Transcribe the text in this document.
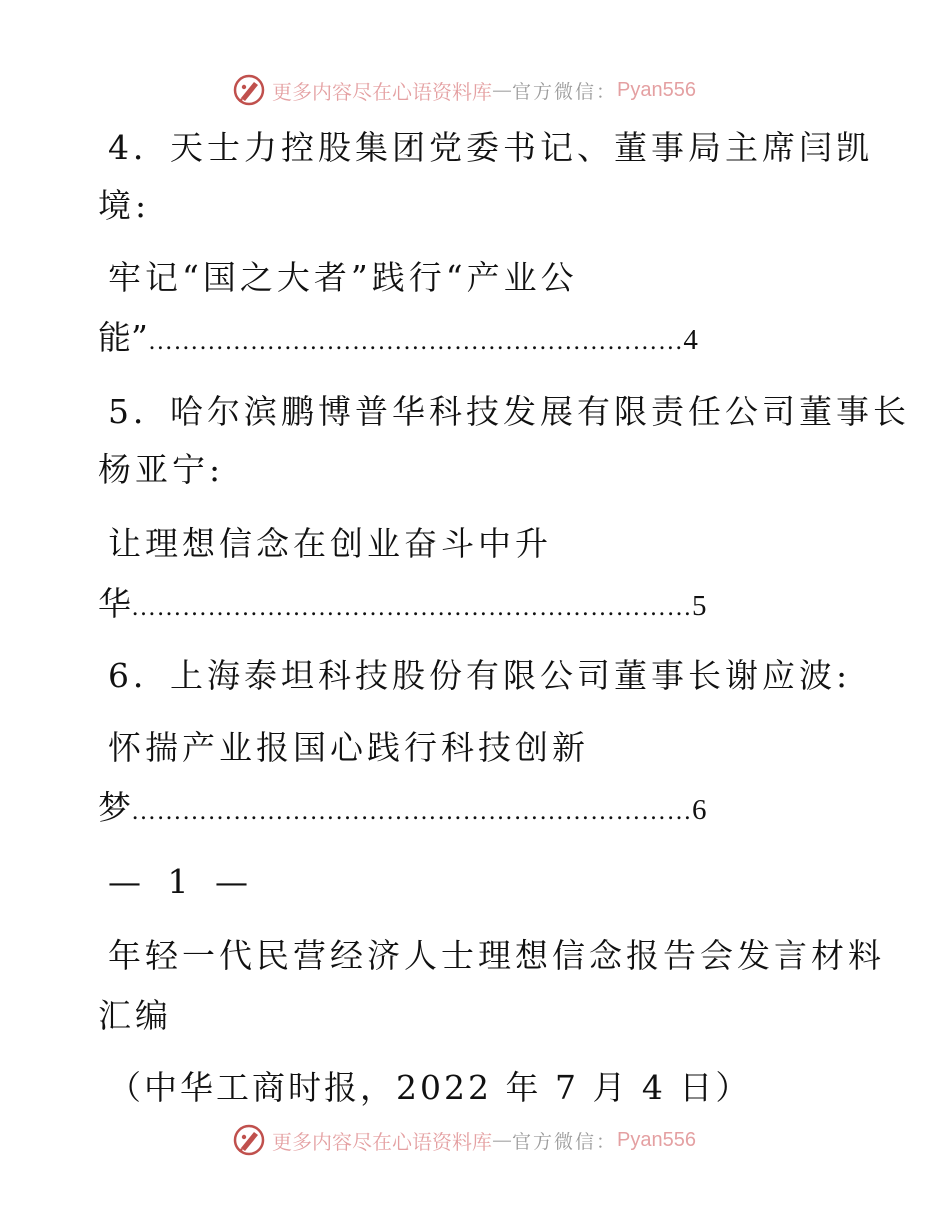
更多内容尽在心语资料库 — 官方微信： Pyan556
4．天士力控股集团党委书记、董事局主席闫凯
境:
牢记“国之大者”践行“产业公
能”………………………………………………………4
5．哈尔滨鹏博普华科技发展有限责任公司董事长
杨亚宁:
让理想信念在创业奋斗中升
华…………………………………………………………5
6．上海泰坦科技股份有限公司董事长谢应波:
怀揣产业报国心践行科技创新
梦…………………………………………………………6
— 1 —
年轻一代民营经济人士理想信念报告会发言材料
汇编
（中华工商时报，2022 年 7 月 4 日）
更多内容尽在心语资料库 — 官方微信： Pyan556
